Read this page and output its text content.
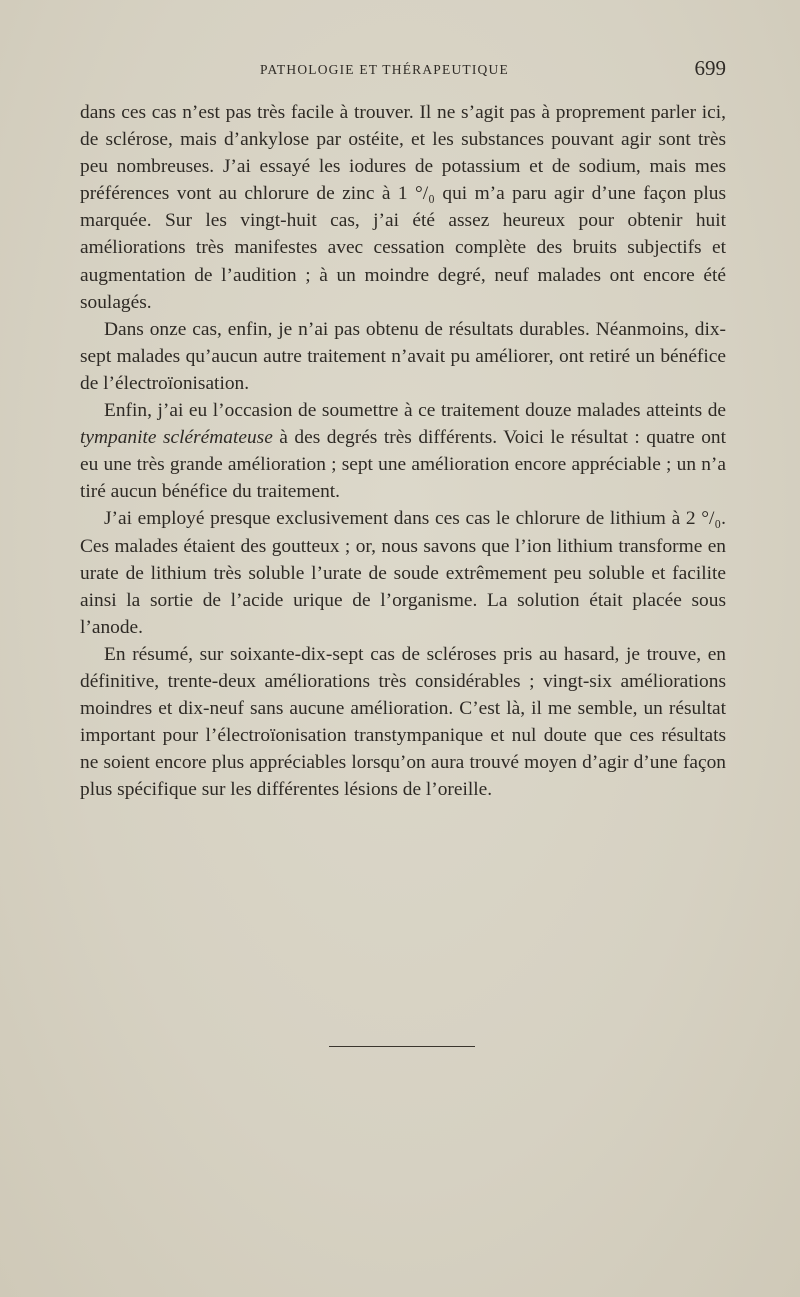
PATHOLOGIE ET THÉRAPEUTIQUE	699

dans ces cas n’est pas très facile à trouver. Il ne s’agit pas à proprement parler ici, de sclérose, mais d’ankylose par ostéite, et les substances pouvant agir sont très peu nombreuses. J’ai essayé les iodures de potassium et de sodium, mais mes préférences vont au chlorure de zinc à 1 °/₀ qui m’a paru agir d’une façon plus marquée. Sur les vingt-huit cas, j’ai été assez heureux pour obtenir huit améliorations très manifestes avec cessation complète des bruits subjectifs et augmentation de l’audition ; à un moindre degré, neuf malades ont encore été soulagés.

Dans onze cas, enfin, je n’ai pas obtenu de résultats durables. Néanmoins, dix-sept malades qu’aucun autre traitement n’avait pu améliorer, ont retiré un bénéfice de l’électroïonisation.

Enfin, j’ai eu l’occasion de soumettre à ce traitement douze malades atteints de tympanite sclérémateuse à des degrés très différents. Voici le résultat : quatre ont eu une très grande amélioration ; sept une amélioration encore appréciable ; un n’a tiré aucun bénéfice du traitement.

J’ai employé presque exclusivement dans ces cas le chlorure de lithium à 2 °/₀. Ces malades étaient des goutteux ; or, nous savons que l’ion lithium transforme en urate de lithium très soluble l’urate de soude extrêmement peu soluble et facilite ainsi la sortie de l’acide urique de l’organisme. La solution était placée sous l’anode.

En résumé, sur soixante-dix-sept cas de scléroses pris au hasard, je trouve, en définitive, trente-deux améliorations très considérables ; vingt-six améliorations moindres et dix-neuf sans aucune amélioration. C’est là, il me semble, un résultat important pour l’électroïonisation transtympanique et nul doute que ces résultats ne soient encore plus appréciables lorsqu’on aura trouvé moyen d’agir d’une façon plus spécifique sur les différentes lésions de l’oreille.
